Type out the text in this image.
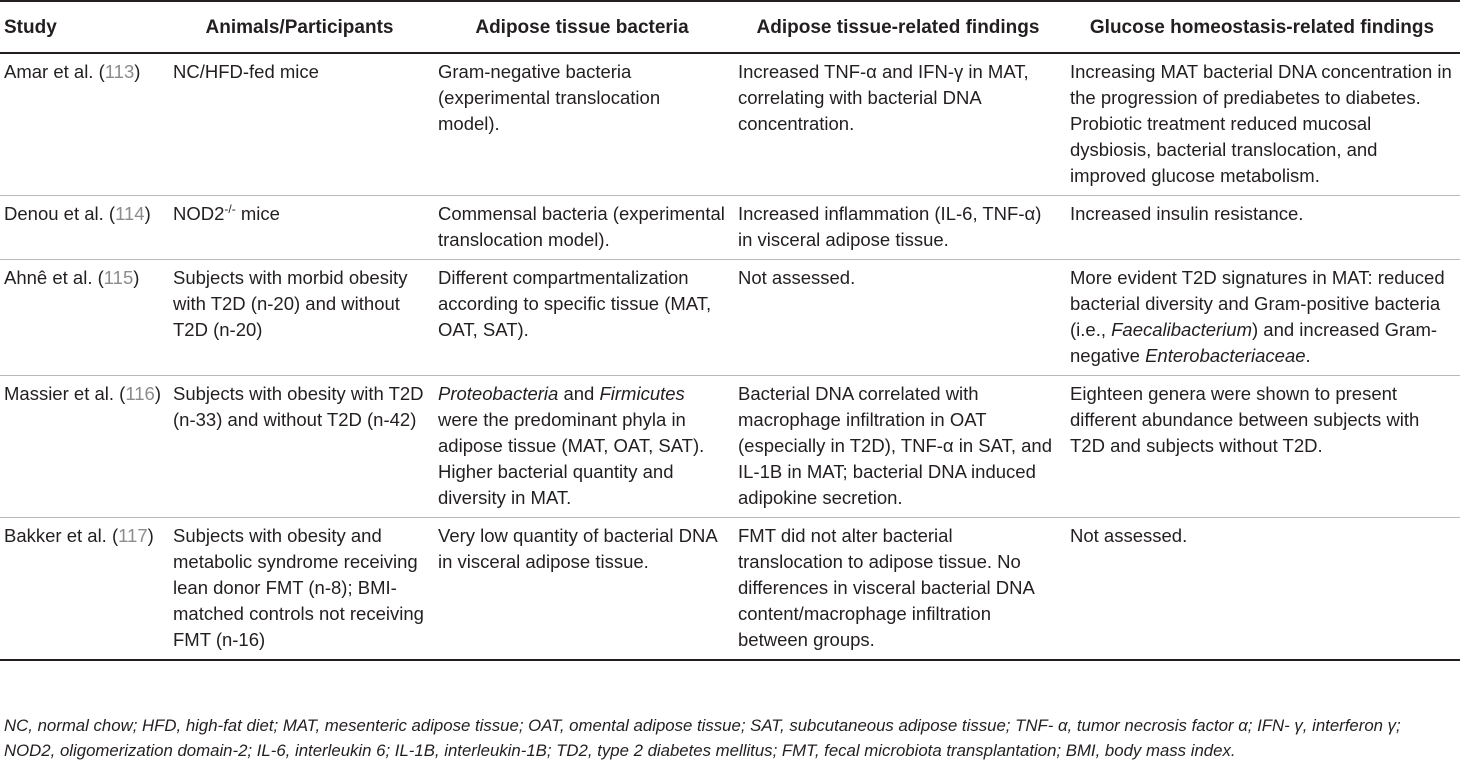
Study	Animals/Participants	Adipose tissue bacteria	Adipose tissue-related findings	Glucose homeostasis-related findings
Amar et al. (113)	NC/HFD-fed mice	Gram-negative bacteria (experimental translocation model).	Increased TNF-α and IFN-γ in MAT, correlating with bacterial DNA concentration.	Increasing MAT bacterial DNA concentration in the progression of prediabetes to diabetes. Probiotic treatment reduced mucosal dysbiosis, bacterial translocation, and improved glucose metabolism.
Denou et al. (114)	NOD2-/- mice	Commensal bacteria (experimental translocation model).	Increased inflammation (IL-6, TNF-α) in visceral adipose tissue.	Increased insulin resistance.
Ahnê et al. (115)	Subjects with morbid obesity with T2D (n-20) and without T2D (n-20)	Different compartmentalization according to specific tissue (MAT, OAT, SAT).	Not assessed.	More evident T2D signatures in MAT: reduced bacterial diversity and Gram-positive bacteria (i.e., Faecalibacterium) and increased Gram-negative Enterobacteriaceae.
Massier et al. (116)	Subjects with obesity with T2D (n-33) and without T2D (n-42)	Proteobacteria and Firmicutes were the predominant phyla in adipose tissue (MAT, OAT, SAT). Higher bacterial quantity and diversity in MAT.	Bacterial DNA correlated with macrophage infiltration in OAT (especially in T2D), TNF-α in SAT, and IL-1B in MAT; bacterial DNA induced adipokine secretion.	Eighteen genera were shown to present different abundance between subjects with T2D and subjects without T2D.
Bakker et al. (117)	Subjects with obesity and metabolic syndrome receiving lean donor FMT (n-8); BMI- matched controls not receiving FMT (n-16)	Very low quantity of bacterial DNA in visceral adipose tissue.	FMT did not alter bacterial translocation to adipose tissue. No differences in visceral bacterial DNA content/macrophage infiltration between groups.	Not assessed.
NC, normal chow; HFD, high-fat diet; MAT, mesenteric adipose tissue; OAT, omental adipose tissue; SAT, subcutaneous adipose tissue; TNF- α, tumor necrosis factor α; IFN- γ, interferon γ; NOD2, oligomerization domain-2; IL-6, interleukin 6; IL-1B, interleukin-1B; TD2, type 2 diabetes mellitus; FMT, fecal microbiota transplantation; BMI, body mass index.
